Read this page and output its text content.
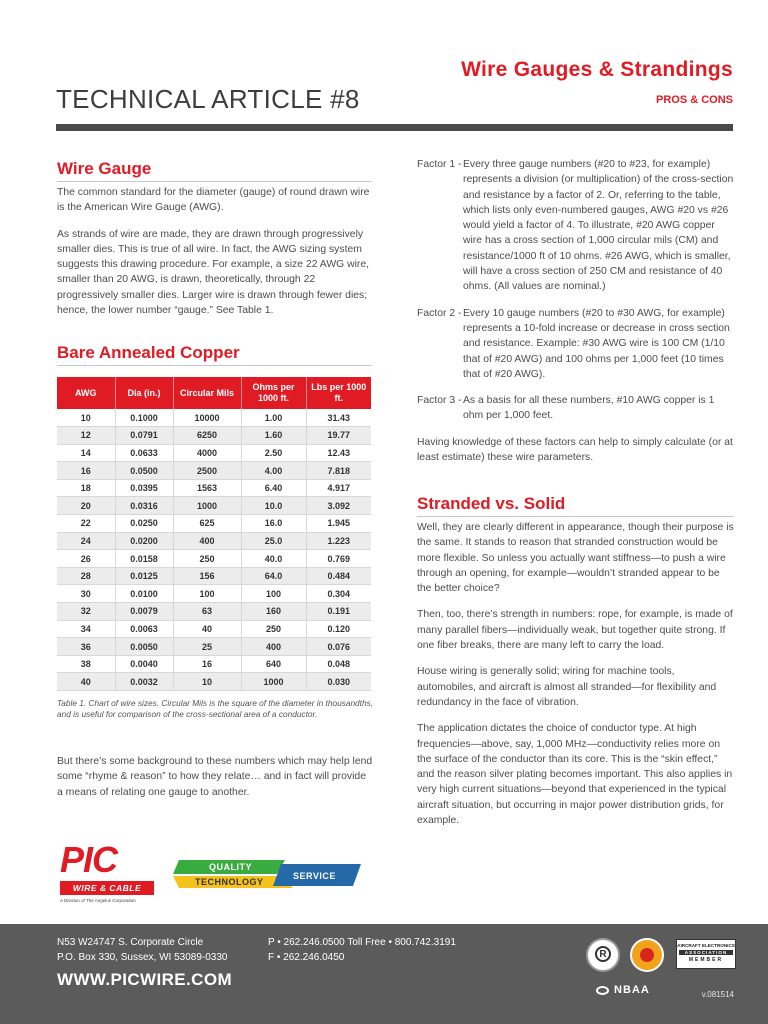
Wire Gauges & Strandings
TECHNICAL ARTICLE #8	PROS & CONS
Wire Gauge

The common standard for the diameter (gauge) of round drawn wire is the American Wire Gauge (AWG).

As strands of wire are made, they are drawn through progressively smaller dies. This is true of all wire. In fact, the AWG sizing system suggests this drawing procedure. For example, a size 22 AWG wire, smaller than 20 AWG, is drawn, theoretically, through 22 progressively smaller dies. Larger wire is drawn through fewer dies; hence, the lower number “gauge.” See Table 1.

Bare Annealed Copper
AWG	Dia (in.)	Circular Mils	Ohms per 1000 ft.	Lbs per 1000 ft.
10	0.1000	10000	1.00	31.43
12	0.0791	6250	1.60	19.77
14	0.0633	4000	2.50	12.43
16	0.0500	2500	4.00	7.818
18	0.0395	1563	6.40	4.917
20	0.0316	1000	10.0	3.092
22	0.0250	625	16.0	1.945
24	0.0200	400	25.0	1.223
26	0.0158	250	40.0	0.769
28	0.0125	156	64.0	0.484
30	0.0100	100	100	0.304
32	0.0079	63	160	0.191
34	0.0063	40	250	0.120
36	0.0050	25	400	0.076
38	0.0040	16	640	0.048
40	0.0032	10	1000	0.030
Table 1. Chart of wire sizes. Circular Mils is the square of the diameter in thousandths, and is useful for comparison of the cross-sectional area of a conductor.

But there’s some background to these numbers which may help lend some “rhyme & reason” to how they relate… and in fact will provide a means of relating one gauge to another.

Factor 1 - Every three gauge numbers (#20 to #23, for example) represents a division (or multiplication) of the cross-section and resistance by a factor of 2. Or, referring to the table, which lists only even-numbered gauges, AWG #20 vs #26 would yield a factor of 4. To illustrate, #20 AWG copper wire has a cross section of 1,000 circular mils (CM) and resistance/1000 ft of 10 ohms. #26 AWG, which is smaller, will have a cross section of 250 CM and resistance of 40 ohms. (All values are nominal.)
Factor 2 - Every 10 gauge numbers (#20 to #30 AWG, for example) represents a 10-fold increase or decrease in cross section and resistance. Example: #30 AWG wire is 100 CM (1/10 that of #20 AWG) and 100 ohms per 1,000 feet (10 times that of #20 AWG).
Factor 3 - As a basis for all these numbers, #10 AWG copper is 1 ohm per 1,000 feet.

Having knowledge of these factors can help to simply calculate (or at least estimate) these wire parameters.

Stranded vs. Solid

Well, they are clearly different in appearance, though their purpose is the same. It stands to reason that stranded construction would be more flexible. So unless you actually want stiffness—to push a wire through an opening, for example—wouldn’t stranded appear to be the better choice?

Then, too, there’s strength in numbers: rope, for example, is made of many parallel fibers—individually weak, but together quite strong. If one fiber breaks, there are many left to carry the load.

House wiring is generally solid; wiring for machine tools, automobiles, and aircraft is almost all stranded—for flexibility and redundancy in the face of vibration.

The application dictates the choice of conductor type. At high frequencies—above, say, 1,000 MHz—conductivity relies more on the surface of the conductor than its core. This is the “skin effect,” and the reason silver plating becomes important. This also applies in very high current situations—beyond that experienced in the typical aircraft situation, but occurring in major power distribution grids, for example.

PIC
WIRE & CABLE
A Division of The Angelus Corporation
QUALITY
TECHNOLOGY
SERVICE
N53 W24747 S. Corporate Circle
P.O. Box 330, Sussex, WI 53089-0330
P • 262.246.0500 Toll Free • 800.742.3191
F • 262.246.0450
WWW.PICWIRE.COM
R
AIRCRAFT ELECTRONICS
ASSOCIATION
MEMBER
NBAA	v.081514
